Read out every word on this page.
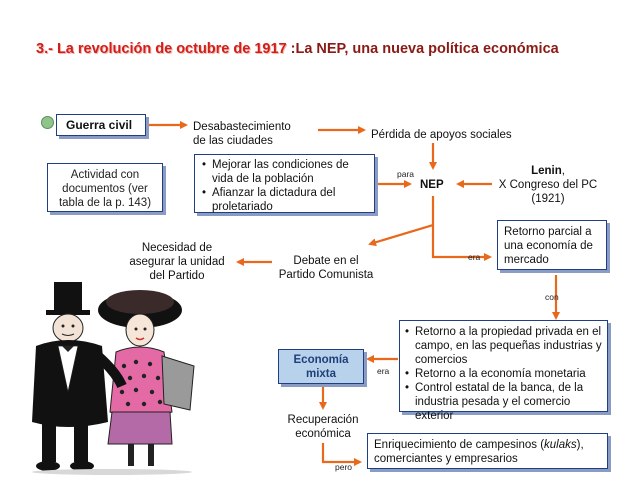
3.- La revolución de octubre de 1917 :La NEP, una nueva política económica
Guerra civil	Desabastecimiento
de las ciudades	Pérdida de apoyos sociales
Actividad con
documentos (ver
tabla de la p. 143)
• Mejorar las condiciones de
vida de la población
• Afianzar la dictadura del
proletariado
para
NEP
Lenin,
X Congreso del PC
(1921)
Necesidad de
asegurar la unidad
del Partido
Debate en el
Partido Comunista
era
Retorno parcial a
una economía de
mercado
con
• Retorno a la propiedad privada en el
campo, en las pequeñas industrias y
comercios
• Retorno a la economía monetaria
• Control estatal de la banca, de la
industria pesada y el comercio exterior
era
Economía
mixta
Recuperación
económica
pero
Enriquecimiento de campesinos (kulaks),
comerciantes y empresarios
